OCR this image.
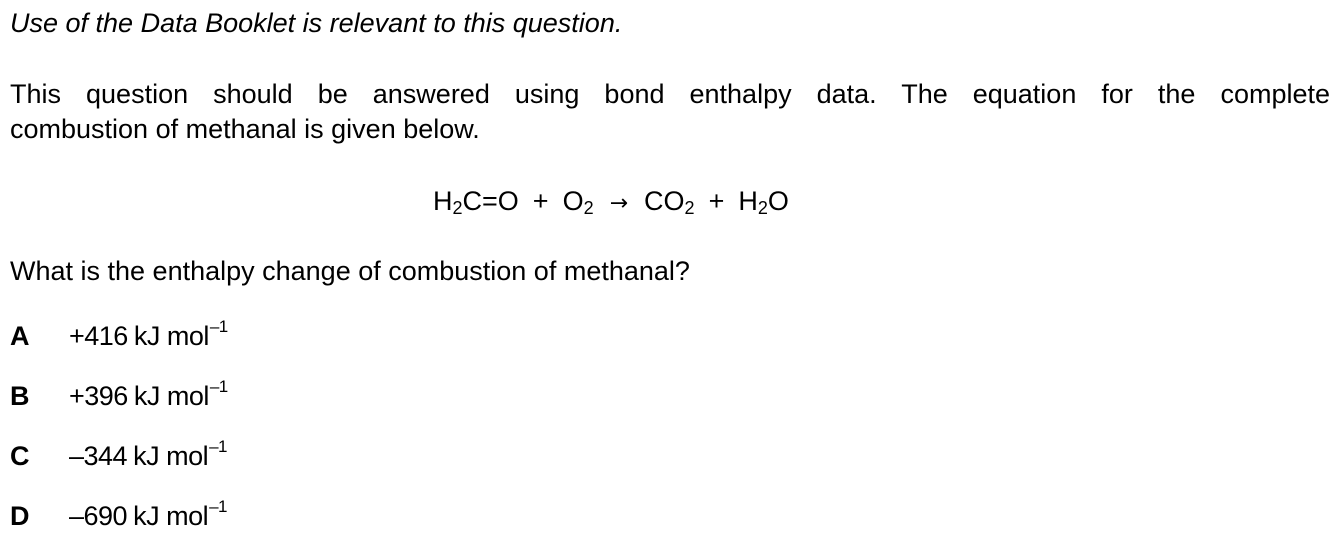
Use of the Data Booklet is relevant to this question.
This question should be answered using bond enthalpy data. The equation for the complete
combustion of methanal is given below.
$H_2C=O + O_2 \to CO_2 + H_2O$
What is the enthalpy change of combustion of methanal?
A +416 kJ mol$^{-1}$
B +396 kJ mol$^{-1}$
C –344 kJ mol$^{-1}$
D –690 kJ mol$^{-1}$
